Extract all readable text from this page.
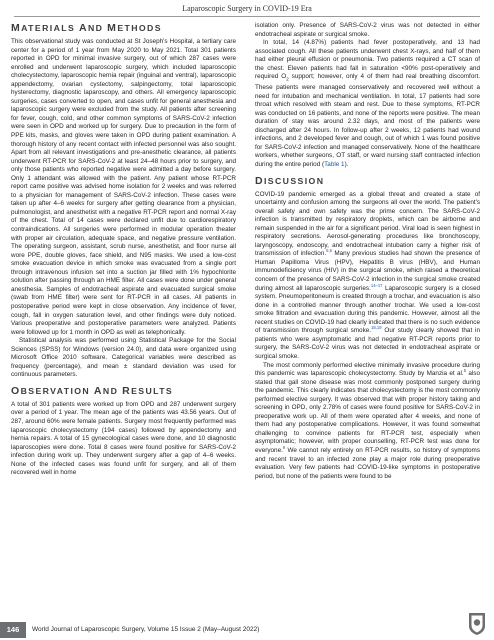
Laparoscopic Surgery in COVID-19 Era
MATERIALS AND METHODS

This observational study was conducted at St Joseph's Hospital, a tertiary care center for a period of 1 year from May 2020 to May 2021. Total 301 patients reported in OPD for minimal invasive surgery, out of which 287 cases were enrolled and underwent laparoscopic surgery, which included laparoscopic cholecystectomy, laparoscopic hernia repair (inguinal and ventral), laparoscopic appendectomy, ovarian cystectomy, salpingectomy, total laparoscopic hysterectomy, diagnostic laparoscopy, and others. All emergency laparoscopic surgeries, cases converted to open, and cases unfit for general anesthesia and laparoscopic surgery were excluded from the study. All patients after screening for fever, cough, cold, and other common symptoms of SARS-CoV-2 infection were seen in OPD and worked up for surgery. Due to precaution in the form of PPE kits, masks, and gloves were taken in OPD during patient examination. A thorough history of any recent contact with infected personnel was also sought. Apart from all relevant investigations and pre-anesthetic clearance, all patients underwent RT-PCR for SARS-CoV-2 at least 24–48 hours prior to surgery, and only those patients who reported negative were admitted a day before surgery. Only 1 attendant was allowed with the patient. Any patient whose RT-PCR report came positive was advised home isolation for 2 weeks and was referred to a physician for management of SARS-CoV-2 infection. These cases were taken up after 4–6 weeks for surgery after getting clearance from a physician, pulmonologist, and anesthetist with a negative RT-PCR report and normal X-ray of the chest. Total of 14 cases were declared unfit due to cardiorespiratory contraindications. All surgeries were performed in modular operation theater with proper air circulation, adequate space, and negative pressure ventilation. The operating surgeon, assistant, scrub nurse, anesthetist, and floor nurse all wore PPE, double gloves, face shield, and N95 masks. We used a low-cost smoke evacuation device in which smoke was evacuated from a single port through intravenous infusion set into a suction jar filled with 1% hypochlorite solution after passing through an HME filter. All cases were done under general anesthesia. Samples of endotracheal aspirate and evacuated surgical smoke (swab from HME filter) were sent for RT-PCR in all cases. All patients in postoperative period were kept in close observation. Any incidence of fever, cough, fall in oxygen saturation level, and other findings were duly noticed. Various preoperative and postoperative parameters were analyzed. Patients were followed up for 1 month in OPD as well as telephonically.

Statistical analysis was performed using Statistical Package for the Social Sciences (SPSS) for Windows (version 24.0), and data were organized using Microsoft Office 2010 software. Categorical variables were described as frequency (percentage), and mean ± standard deviation was used for continuous parameters.

OBSERVATION AND RESULTS

A total of 301 patients were worked up from OPD and 287 underwent surgery over a period of 1 year. The mean age of the patients was 43.56 years. Out of 287, around 60% were female patients. Surgery most frequently performed was laparoscopic cholecystectomy (194 cases) followed by appendectomy and hernia repairs. A total of 15 gynecological cases were done, and 10 diagnostic laparoscopies were done. Total 8 cases were found positive for SARS-CoV-2 infection during work up. They underwent surgery after a gap of 4–6 weeks. None of the infected cases was found unfit for surgery, and all of them recovered well in home

isolation only. Presence of SARS-CoV-2 virus was not detected in either endotracheal aspirate or surgical smoke.

In total, 14 (4.87%) patients had fever postoperatively, and 13 had associated cough. All these patients underwent chest X-rays, and half of them had either pleural effusion or pneumonia. Two patients required a CT scan of the chest. Eleven patients had fall in saturation <90% post-operatively and required $O_2$ support; however, only 4 of them had real breathing discomfort. These patients were managed conservatively and recovered well without a need for intubation and mechanical ventilation. In total, 17 patients had sore throat which resolved with steam and rest. Due to these symptoms, RT-PCR was conducted on 16 patients, and none of the reports were positive. The mean duration of stay was around 2.32 days, and most of the patients were discharged after 24 hours. In follow-up after 2 weeks, 12 patients had wound infections, and 2 developed fever and cough, out of which 1 was found positive for SARS-CoV-2 infection and managed conservatively. None of the healthcare workers, whether surgeons, OT staff, or ward nursing staff contracted infection during the entire period (Table 1).

DISCUSSION

COVID-19 pandemic emerged as a global threat and created a state of uncertainty and confusion among the surgeons all over the world. The patient's overall safety and own safety was the prime concern. The SARS-CoV-2 infection is transmitted by respiratory droplets, which can be airborne and remain suspended in the air for a significant period. Viral load is seen highest in respiratory secretions. Aerosol-generating procedures like bronchoscopy, laryngoscopy, endoscopy, and endotracheal intubation carry a higher risk of transmission of infection.$^{5,6}$ Many previous studies had shown the presence of Human Papilloma Virus (HPV), Hepatitis B virus (HBV), and Human immunodeficiency virus (HIV) in the surgical smoke, which raised a theoretical concern of the presence of SARS-CoV-2 infection in the surgical smoke created during almost all laparoscopic surgeries.$^{14-17}$ Laparoscopic surgery is a closed system. Pneumoperitoneum is created through a trochar, and evacuation is also done in a controlled manner through another trochar. We used a low-cost smoke filtration and evacuation during this pandemic. However, almost all the recent studies on COVID-19 had clearly indicated that there is no such evidence of transmission through surgical smoke.$^{18,19}$ Our study clearly showed that in patients who were asymptomatic and had negative RT-PCR reports prior to surgery, the SARS-CoV-2 virus was not detected in endotracheal aspirate or surgical smoke.

The most commonly performed elective minimally invasive procedure during this pandemic was laparoscopic cholecystectomy. Study by Manzia et al.$^5$ also stated that gall stone disease was most commonly postponed surgery during the pandemic. This clearly indicates that cholecystectomy is the most commonly performed elective surgery. It was observed that with proper history taking and screening in OPD, only 2.78% of cases were found positive for SARS-CoV-2 in preoperative work up. All of them were operated after 4 weeks, and none of them had any postoperative complications. However, it was found somewhat challenging to convince patients for RT-PCR test, especially when asymptomatic; however, with proper counselling, RT-PCR test was done for everyone.$^9$ We cannot rely entirely on RT-PCR results, so history of symptoms and recent travel to an infected zone play a major role during preoperative evaluation. Very few patients had COVID-19-like symptoms in postoperative period, but none of the patients were found to be

146	World Journal of Laparoscopic Surgery, Volume 15 Issue 2 (May–August 2022)
